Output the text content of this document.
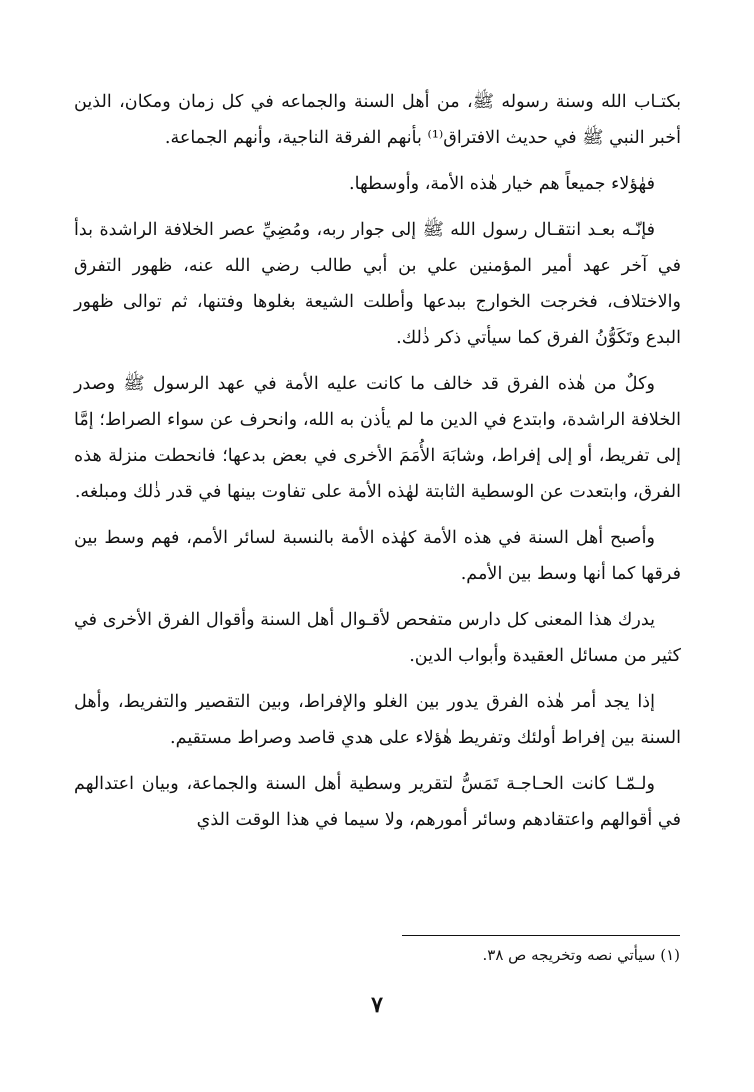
بكتـاب الله وسنة رسوله ﷺ، من أهل السنة والجماعه في كل زمان ومكان، الذين أخبر النبي ﷺ في حديث الافتراق⁽¹⁾ بأنهم الفرقة الناجية، وأنهم الجماعة.

فهٰؤلاء جميعاً هم خيار هٰذه الأمة، وأوسطها.

فإنّـه بعـد انتقـال رسول الله ﷺ إلى جوار ربه، ومُضِيِّ عصر الخلافة الراشدة بدأ في آخر عهد أمير المؤمنين علي بن أبي طالب رضي الله عنه، ظهور التفرق والاختلاف، فخرجت الخوارج ببدعها وأطلت الشيعة بغلوها وفتنها، ثم توالى ظهور البدع وتَكَوُّنُ الفرق كما سيأتي ذكر ذٰلك.

وكلٌ من هٰذه الفرق قد خالف ما كانت عليه الأمة في عهد الرسول ﷺ وصدر الخلافة الراشدة، وابتدع في الدين ما لم يأذن به الله، وانحرف عن سواء الصراط؛ إمَّا إلى تفريط، أو إلى إفراط، وشابَهَ الأُمَمَ الأخرى في بعض بدعها؛ فانحطت منزلة هذه الفرق، وابتعدت عن الوسطية الثابتة لهٰذه الأمة على تفاوت بينها في قدر ذٰلك ومبلغه.

وأصبح أهل السنة في هذه الأمة كهٰذه الأمة بالنسبة لسائر الأمم، فهم وسط بين فرقها كما أنها وسط بين الأمم.

يدرك هذا المعنى كل دارس متفحص لأقـوال أهل السنة وأقوال الفرق الأخرى في كثير من مسائل العقيدة وأبواب الدين.

إذا يجد أمر هٰذه الفرق يدور بين الغلو والإفراط، وبين التقصير والتفريط، وأهل السنة بين إفراط أولئك وتفريط هٰؤلاء على هدي قاصد وصراط مستقيم.

ولـمّـا كانت الحـاجـة تَمَسُّ لتقرير وسطية أهل السنة والجماعة، وبيان اعتدالهم في أقوالهم واعتقادهم وسائر أمورهم، ولا سيما في هذا الوقت الذي

(١) سيأتي نصه وتخريجه ص ٣٨.
٧
